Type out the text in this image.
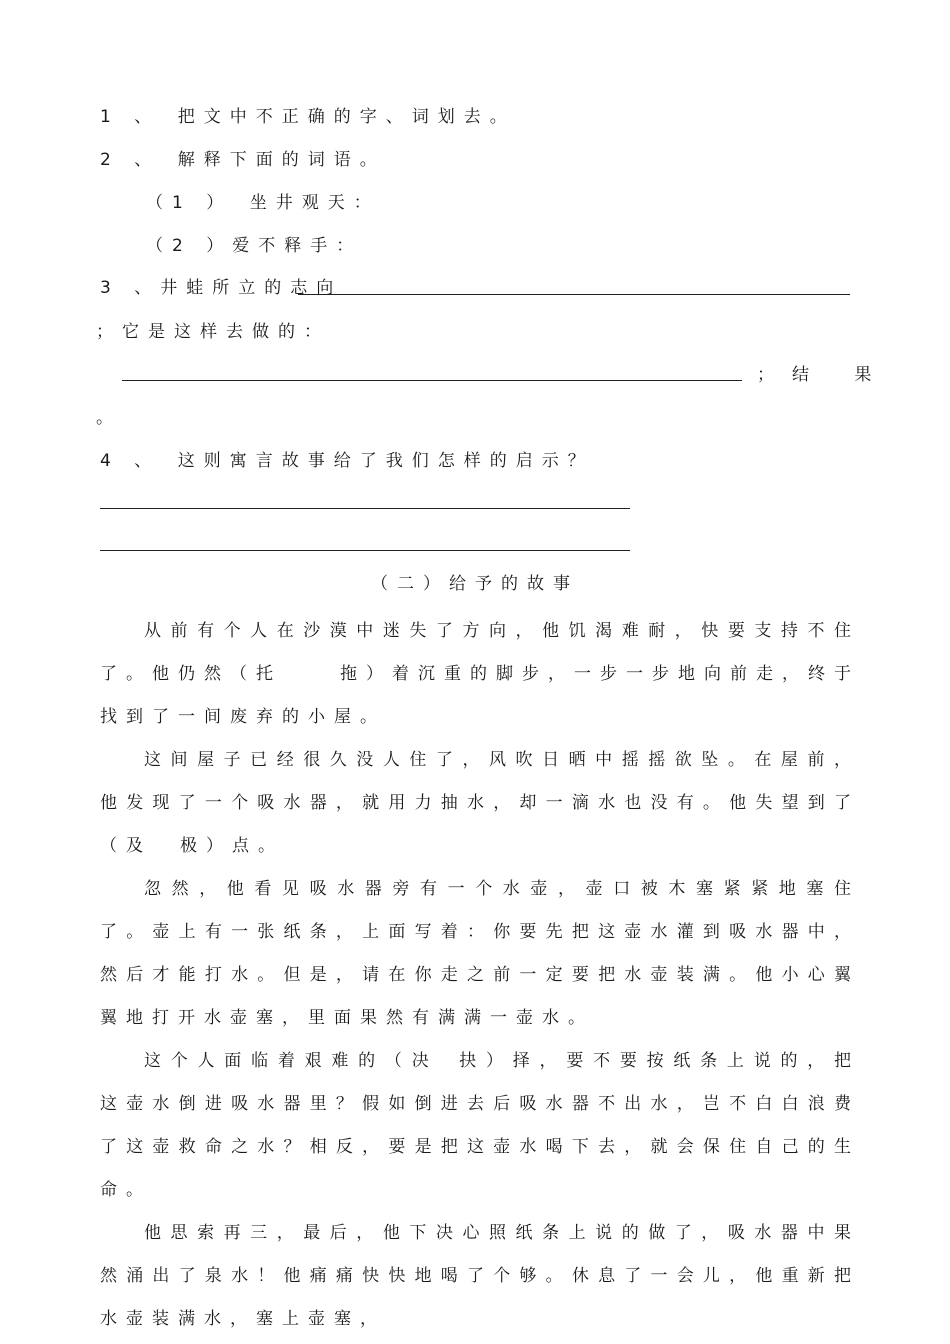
1 、　把文中不正确的字、词划去。
2 、　解释下面的词语。
（1 ）　坐井观天：
（2 ）爱不释手：
3 、井蛙所立的志向
；它是这样去做的：
； 结 果
。
4 、　这则寓言故事给了我们怎样的启示？
（二）给予的故事

从前有个人在沙漠中迷失了方向，他饥渴难耐，快要支持不住了。他仍然（托	拖）着沉重的脚步，一步一步地向前走，终于找到了一间废弃的小屋。

这间屋子已经很久没人住了，风吹日晒中摇摇欲坠。在屋前，他发现了一个吸水器，就用力抽水，却一滴水也没有。他失望到了（及 极）点。

忽然，他看见吸水器旁有一个水壶，壶口被木塞紧紧地塞住了。壶上有一张纸条，上面写着：你要先把这壶水灌到吸水器中，然后才能打水。但是，请在你走之前一定要把水壶装满。他小心翼翼地打开水壶塞，里面果然有满满一壶水。

这个人面临着艰难的（决 抉）择，要不要按纸条上说的，把这壶水倒进吸水器里？假如倒进去后吸水器不出水，岂不白白浪费了这壶救命之水？相反，要是把这壶水喝下去，就会保住自己的生命。

他思索再三，最后，他下决心照纸条上说的做了，吸水器中果然涌出了泉水！他痛痛快快地喝了个够。休息了一会儿，他重新把水壶装满水，塞上壶塞，
